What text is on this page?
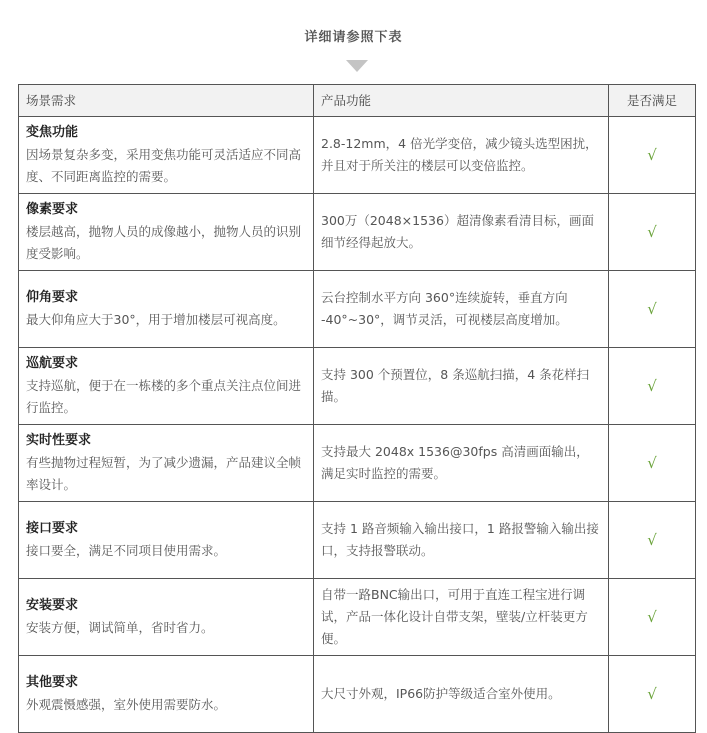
详细请参照下表
场景需求	产品功能	是否满足

变焦功能
因场景复杂多变，采用变焦功能可灵活适应不同高度、不同距离监控的需要。	2.8-12mm，4 倍光学变倍，减少镜头选型困扰，并且对于所关注的楼层可以变倍监控。	√

像素要求
楼层越高，抛物人员的成像越小，抛物人员的识别度受影响。	300万（2048×1536）超清像素看清目标，画面细节经得起放大。	√

仰角要求
最大仰角应大于30°，用于增加楼层可视高度。	云台控制水平方向 360°连续旋转，垂直方向 -40°~30°，调节灵活，可视楼层高度增加。	√

巡航要求
支持巡航，便于在一栋楼的多个重点关注点位间进行监控。	支持 300 个预置位，8 条巡航扫描，4 条花样扫描。	√

实时性要求
有些抛物过程短暂，为了减少遗漏，产品建议全帧率设计。	支持最大 2048x 1536@30fps 高清画面输出，满足实时监控的需要。	√

接口要求
接口要全，满足不同项目使用需求。	支持 1 路音频输入输出接口，1 路报警输入输出接口，支持报警联动。	√

安装要求
安装方便，调试简单，省时省力。	自带一路BNC输出口，可用于直连工程宝进行调试，产品一体化设计自带支架，壁装/立杆装更方便。	√

其他要求
外观震慑感强，室外使用需要防水。	大尺寸外观，IP66防护等级适合室外使用。	√
